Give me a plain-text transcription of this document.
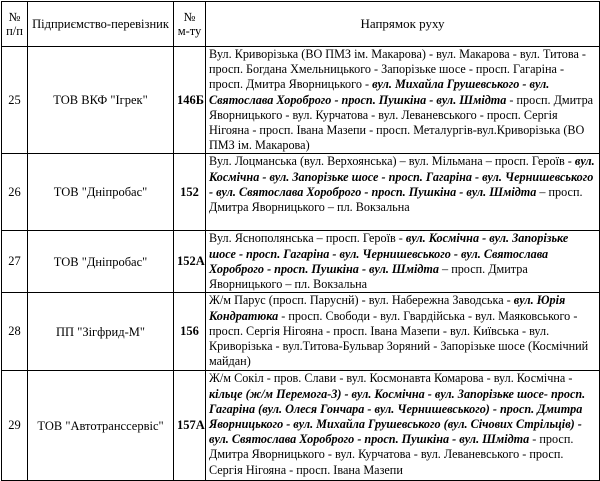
№ п/п	Підприємство-перевізник	№ м-ту	Напрямок руху
25	ТОВ ВКФ "Ігрек"	146Б	Вул. Криворізька (ВО ПМЗ ім. Макарова) - вул. Макарова - вул. Титова - просп. Богдана Хмельницького - Запорізьке шосе - просп. Гагаріна - просп. Дмитра Яворницького - вул. Михайла Грушевського - вул. Святослава Хороброго - просп. Пушкіна - вул. Шмідта - просп. Дмитра Яворницького - вул. Курчатова - вул. Леваневського - просп. Сергія Нігояна - просп. Івана Мазепи - просп. Металургів-вул.Криворізька (ВО ПМЗ ім. Макарова)
26	ТОВ "Дніпробас"	152	Вул. Лоцманська (вул. Верхоянська) – вул. Мільмана – просп. Героїв - вул. Космічна - вул. Запорізьке шосе - просп. Гагаріна - вул. Чернишевського - вул. Святослава Хороброго - просп. Пушкіна - вул. Шмідта – просп. Дмитра Яворницького – пл. Вокзальна
27	ТОВ "Дніпробас"	152А	Вул. Яснополянська – просп. Героїв - вул. Космічна - вул. Запорізьке шосе - просп. Гагаріна - вул. Чернишевського - вул. Святослава Хороброго - просп. Пушкіна - вул. Шмідта – просп. Дмитра Яворницького – пл. Вокзальна
28	ПП "Зігфрид-М"	156	Ж/м Парус (просп. Паруснй) - вул. Набережна Заводська - вул. Юрія Кондратюка - просп. Свободи - вул. Гвардійська - вул. Маяковського - просп. Сергія Нігояна - просп. Івана Мазепи - вул. Київська - вул. Криворізька - вул.Титова-Бульвар Зоряний - Запорізьке шосе (Космічний майдан)
29	ТОВ "Автотранссервіс"	157А	Ж/м Сокіл - пров. Слави - вул. Космонавта Комарова - вул. Космічна - кільце (ж/м Перемога-3) - вул. Космічна - вул. Запорізьке шосе- просп. Гагаріна (вул. Олеся Гончара - вул. Чернишевського) - просп. Дмитра Яворницького - вул. Михайла Грушевського (вул. Січових Стрільців) - вул. Святослава Хороброго - просп. Пушкіна - вул. Шмідта - просп. Дмитра Яворницького - вул. Курчатова - вул. Леваневського - просп. Сергія Нігояна - просп. Івана Мазепи
